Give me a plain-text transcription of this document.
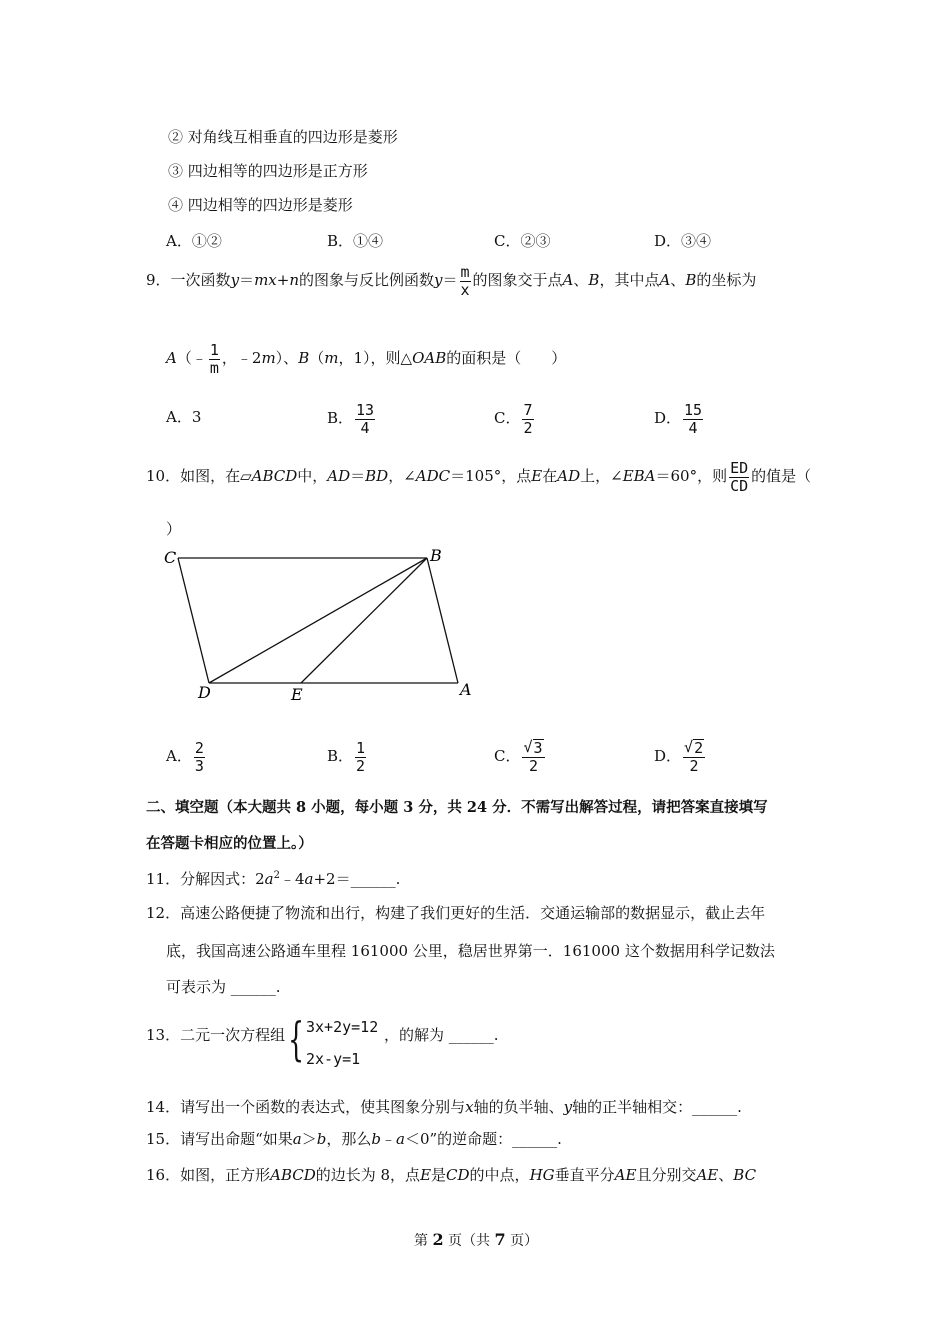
② 对角线互相垂直的四边形是菱形
③ 四边相等的四边形是正方形
④ 四边相等的四边形是菱形
A．①②	B．①④	C．②③	D．③④
9．一次函数y＝mx+n的图象与反比例函数$y= \frac{m}{x}$ 的图象交于点A、B，其中点A、B的坐标为
A（﹣ $\frac{1}{m}$ ，﹣2m）、B（m，1），则△OAB的面积是（　　）
A．3	B． $\frac{13}{4}$	C． $\frac{7}{2}$	D． $\frac{15}{4}$
10．如图，在▱ABCD中，AD＝BD，∠ADC＝105°，点E在AD上，∠EBA＝60°，则 $\frac{ED}{CD}$ 的值是（
）
C	B
D	E	A
A． $\frac{2}{3}$	B． $\frac{1}{2}$	C． $\frac{√ 3}{2}$	D． $\frac{√ 2}{2}$
二、填空题（本大题共 8 小题，每小题 3 分，共 24 分．不需写出解答过程，请把答案直接填写
在答题卡相应的位置上。）
11．分解因式：$2a^2﹣4a+2=\_\_\_\_\_\_$.
12．高速公路便捷了物流和出行，构建了我们更好的生活．交通运输部的数据显示，截止去年
底，我国高速公路通车里程 161000 公里，稳居世界第一．161000 这个数据用科学记数法
可表示为 ______.
13．二元一次方程组 { 3x+2y=12
2x-y=1
，的解为 ______.
14．请写出一个函数的表达式，使其图象分别与x轴的负半轴、y轴的正半轴相交：______.
15．请写出命题“如果a＞b，那么b﹣a＜0”的逆命题：______.
16．如图，正方形ABCD的边长为 8，点E是CD的中点，HG垂直平分AE且分别交AE、BC
第 2 页（共 7 页）
